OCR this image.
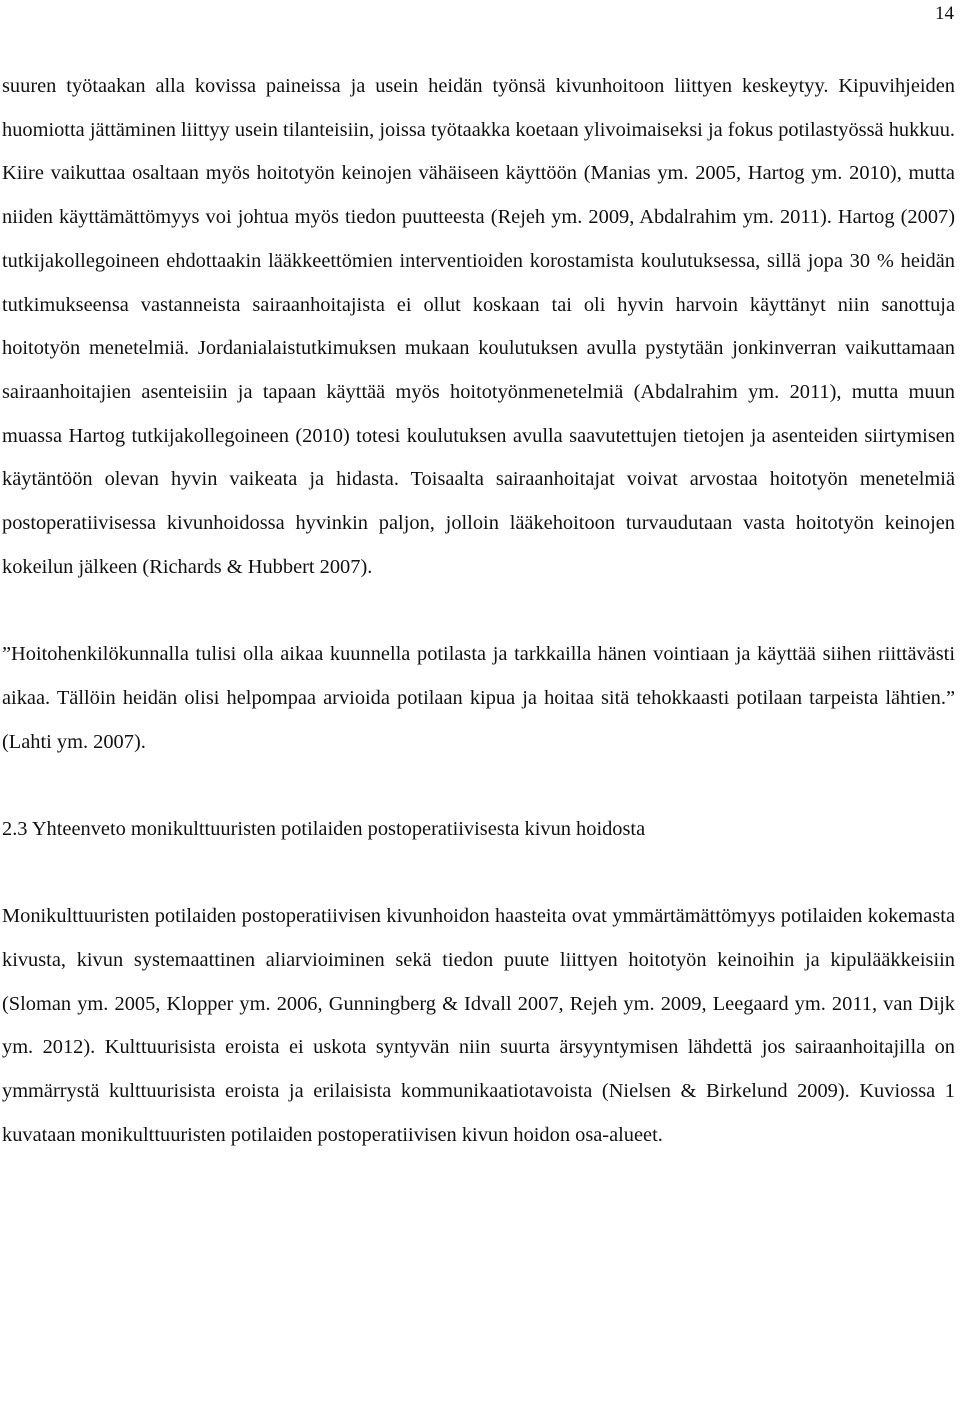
14

suuren työtaakan alla kovissa paineissa ja usein heidän työnsä kivunhoitoon liittyen keskeytyy. Kipuvihjeiden huomiotta jättäminen liittyy usein tilanteisiin, joissa työtaakka koetaan ylivoimaiseksi ja fokus potilastyössä hukkuu. Kiire vaikuttaa osaltaan myös hoitotyön keinojen vähäiseen käyttöön (Manias ym. 2005, Hartog ym. 2010), mutta niiden käyttämättömyys voi johtua myös tiedon puutteesta (Rejeh ym. 2009, Abdalrahim ym. 2011). Hartog (2007) tutkijakollegoineen ehdottaakin lääkkeettömien interventioiden korostamista koulutuksessa, sillä jopa 30 % heidän tutkimukseensa vastanneista sairaanhoitajista ei ollut koskaan tai oli hyvin harvoin käyttänyt niin sanottuja hoitotyön menetelmiä. Jordanialaistutkimuksen mukaan koulutuksen avulla pystytään jonkinverran vaikuttamaan sairaanhoitajien asenteisiin ja tapaan käyttää myös hoitotyönmenetelmiä (Abdalrahim ym. 2011), mutta muun muassa Hartog tutkijakollegoineen (2010) totesi koulutuksen avulla saavutettujen tietojen ja asenteiden siirtymisen käytäntöön olevan hyvin vaikeata ja hidasta. Toisaalta sairaanhoitajat voivat arvostaa hoitotyön menetelmiä postoperatiivisessa kivunhoidossa hyvinkin paljon, jolloin lääkehoitoon turvaudutaan vasta hoitotyön keinojen kokeilun jälkeen (Richards & Hubbert 2007).

”Hoitohenkilökunnalla tulisi olla aikaa kuunnella potilasta ja tarkkailla hänen vointiaan ja käyttää siihen riittävästi aikaa. Tällöin heidän olisi helpompaa arvioida potilaan kipua ja hoitaa sitä tehokkaasti potilaan tarpeista lähtien.” (Lahti ym. 2007).

2.3 Yhteenveto monikulttuuristen potilaiden postoperatiivisesta kivun hoidosta

Monikulttuuristen potilaiden postoperatiivisen kivunhoidon haasteita ovat ymmärtämättömyys potilaiden kokemasta kivusta, kivun systemaattinen aliarvioiminen sekä tiedon puute liittyen hoitotyön keinoihin ja kipulääkkeisiin (Sloman ym. 2005, Klopper ym. 2006, Gunningberg & Idvall 2007, Rejeh ym. 2009, Leegaard ym. 2011, van Dijk ym. 2012). Kulttuurisista eroista ei uskota syntyvän niin suurta ärsyyntymisen lähdettä jos sairaanhoitajilla on ymmärrystä kulttuurisista eroista ja erilaisista kommunikaatiotavoista (Nielsen & Birkelund 2009). Kuviossa 1 kuvataan monikulttuuristen potilaiden postoperatiivisen kivun hoidon osa-alueet.
